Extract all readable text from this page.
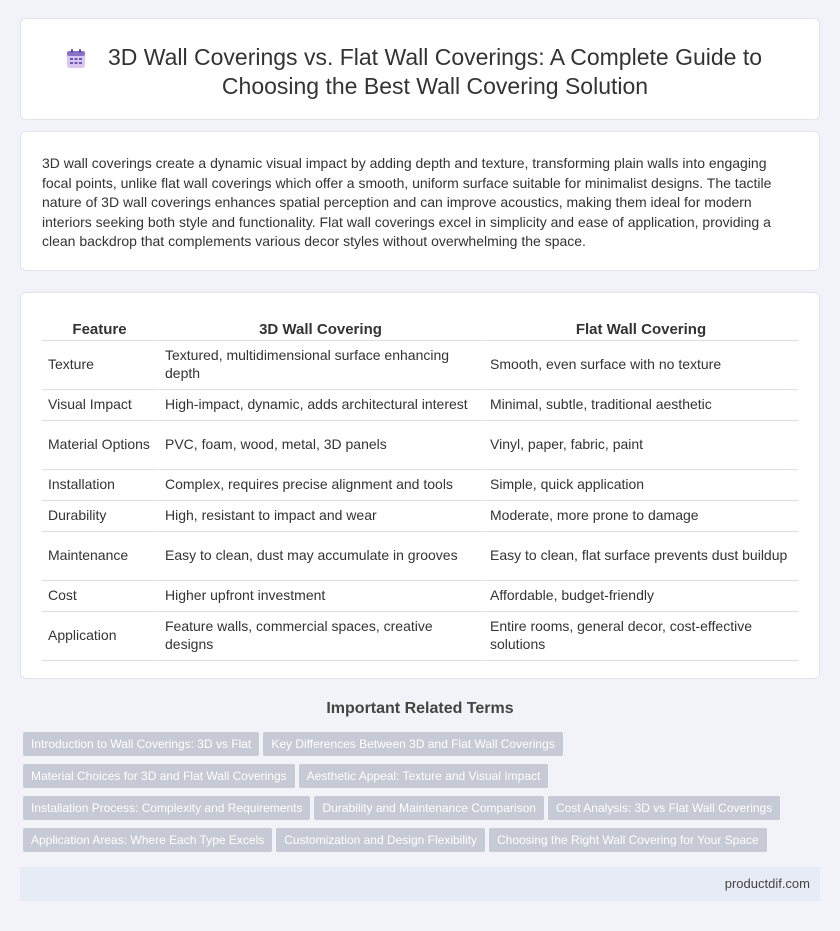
3D Wall Coverings vs. Flat Wall Coverings: A Complete Guide to Choosing the Best Wall Covering Solution

3D wall coverings create a dynamic visual impact by adding depth and texture, transforming plain walls into engaging focal points, unlike flat wall coverings which offer a smooth, uniform surface suitable for minimalist designs. The tactile nature of 3D wall coverings enhances spatial perception and can improve acoustics, making them ideal for modern interiors seeking both style and functionality. Flat wall coverings excel in simplicity and ease of application, providing a clean backdrop that complements various decor styles without overwhelming the space.

Feature	3D Wall Covering	Flat Wall Covering
Texture	Textured, multidimensional surface enhancing depth	Smooth, even surface with no texture
Visual Impact	High-impact, dynamic, adds architectural interest	Minimal, subtle, traditional aesthetic
Material Options	PVC, foam, wood, metal, 3D panels	Vinyl, paper, fabric, paint
Installation	Complex, requires precise alignment and tools	Simple, quick application
Durability	High, resistant to impact and wear	Moderate, more prone to damage
Maintenance	Easy to clean, dust may accumulate in grooves	Easy to clean, flat surface prevents dust buildup
Cost	Higher upfront investment	Affordable, budget-friendly
Application	Feature walls, commercial spaces, creative designs	Entire rooms, general decor, cost-effective solutions
Important Related Terms
Introduction to Wall Coverings: 3D vs Flat Key Differences Between 3D and Flat Wall Coverings
Material Choices for 3D and Flat Wall Coverings Aesthetic Appeal: Texture and Visual Impact
Installation Process: Complexity and Requirements Durability and Maintenance Comparison Cost Analysis: 3D vs Flat Wall Coverings
Application Areas: Where Each Type Excels Customization and Design Flexibility Choosing the Right Wall Covering for Your Space
productdif.com
